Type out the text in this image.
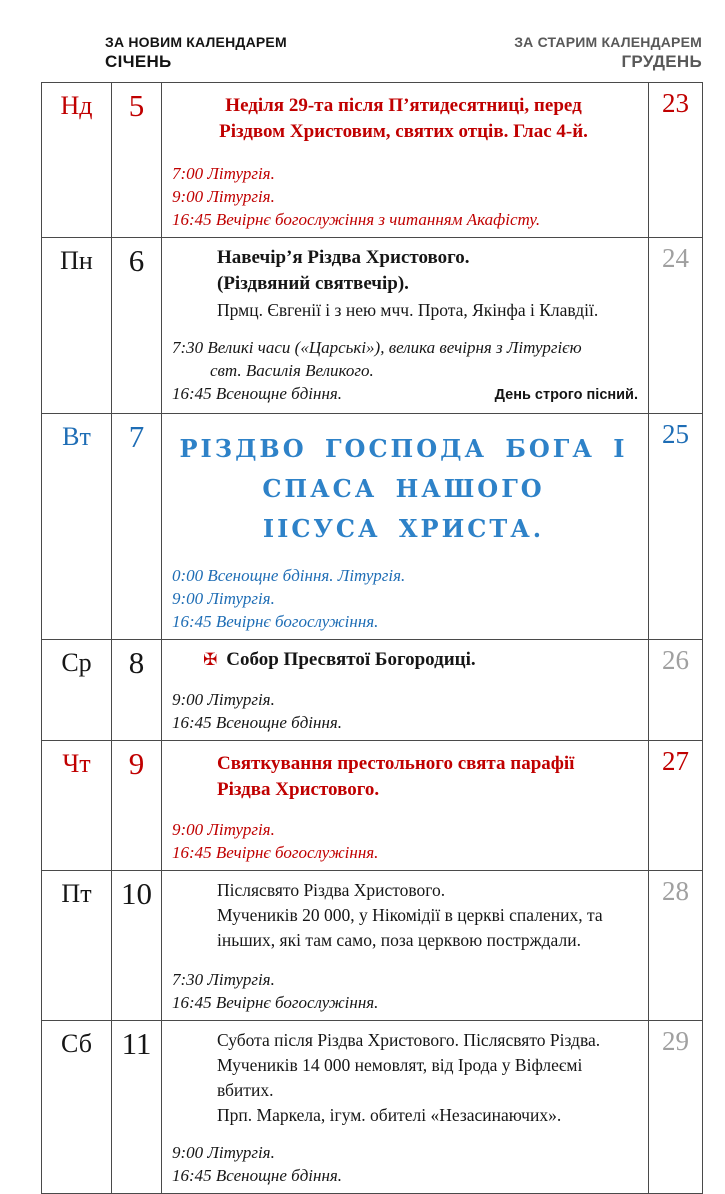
ЗА НОВИМ КАЛЕНДАРЕМ
СІЧЕНЬ
ЗА СТАРИМ КАЛЕНДАРЕМ
ГРУДЕНЬ
Нд	5	Неділя 29-та після П’ятидесятниці, перед
Різдвом Христовим, святих отців. Глас 4-й.
7:00 Літургія.
9:00 Літургія.
16:45 Вечірнє богослужіння з читанням Акафісту.	23
Пн	6	Навечір’я Різдва Христового.
(Різдвяний святвечір).
Прмц. Євгенії і з нею мчч. Прота, Якінфа і Клавдії.
7:30 Великі часи («Царські»), велика вечірня з Літургією
свт. Василія Великого.
16:45 Всенощне бдіння.	День строго пісний.
	24
Вт	7	РІЗДВО ГОСПОДА БОГА І СПАСА НАШОГО
ІІСУСА ХРИСТА.
0:00 Всенощне бдіння. Літургія.
9:00 Літургія.
16:45 Вечірнє богослужіння.	25
Ср	8	✠ Собор Пресвятої Богородиці.
9:00 Літургія.
16:45 Всенощне бдіння.	26
Чт	9	Святкування престольного свята парафії
Різдва Христового.
9:00 Літургія.
16:45 Вечірнє богослужіння.	27
Пт	10	Післясвято Різдва Христового.
Мучеників 20 000, у Нікомідії в церкві спалених, та
іньших, які там само, поза церквою пострждали.
7:30 Літургія.
16:45 Вечірнє богослужіння.	28
Сб	11	Субота після Різдва Христового. Післясвято Різдва.
Мучеників 14 000 немовлят, від Ірода у Віфлеємі вбитих.
Прп. Маркела, ігум. обителі «Незасинаючих».
9:00 Літургія.
16:45 Всенощне бдіння.	29
